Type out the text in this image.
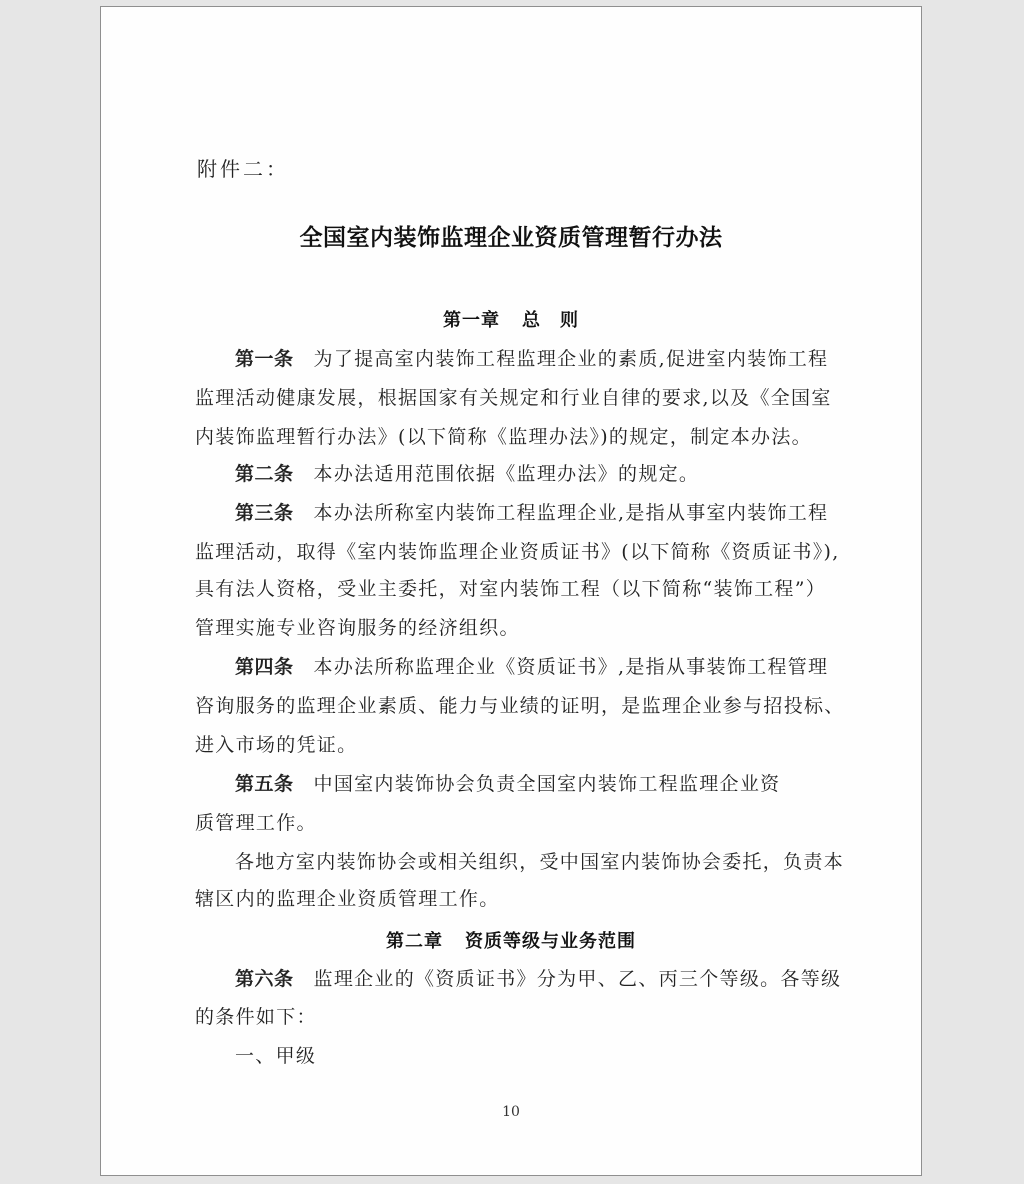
附件二：

全国室内装饰监理企业资质管理暂行办法

第一章 总　则

第一条 为了提高室内装饰工程监理企业的素质,促进室内装饰工程

监理活动健康发展，根据国家有关规定和行业自律的要求,以及《全国室

内装饰监理暂行办法》(以下简称《监理办法》)的规定，制定本办法。

第二条 本办法适用范围依据《监理办法》的规定。

第三条 本办法所称室内装饰工程监理企业,是指从事室内装饰工程

监理活动，取得《室内装饰监理企业资质证书》(以下简称《资质证书》),

具有法人资格，受业主委托，对室内装饰工程（以下简称“装饰工程”）

管理实施专业咨询服务的经济组织。

第四条 本办法所称监理企业《资质证书》,是指从事装饰工程管理

咨询服务的监理企业素质、能力与业绩的证明，是监理企业参与招投标、

进入市场的凭证。

第五条 中国室内装饰协会负责全国室内装饰工程监理企业资

质管理工作。

各地方室内装饰协会或相关组织，受中国室内装饰协会委托，负责本

辖区内的监理企业资质管理工作。

第二章 资质等级与业务范围

第六条 监理企业的《资质证书》分为甲、乙、丙三个等级。各等级

的条件如下：

一、甲级

10
